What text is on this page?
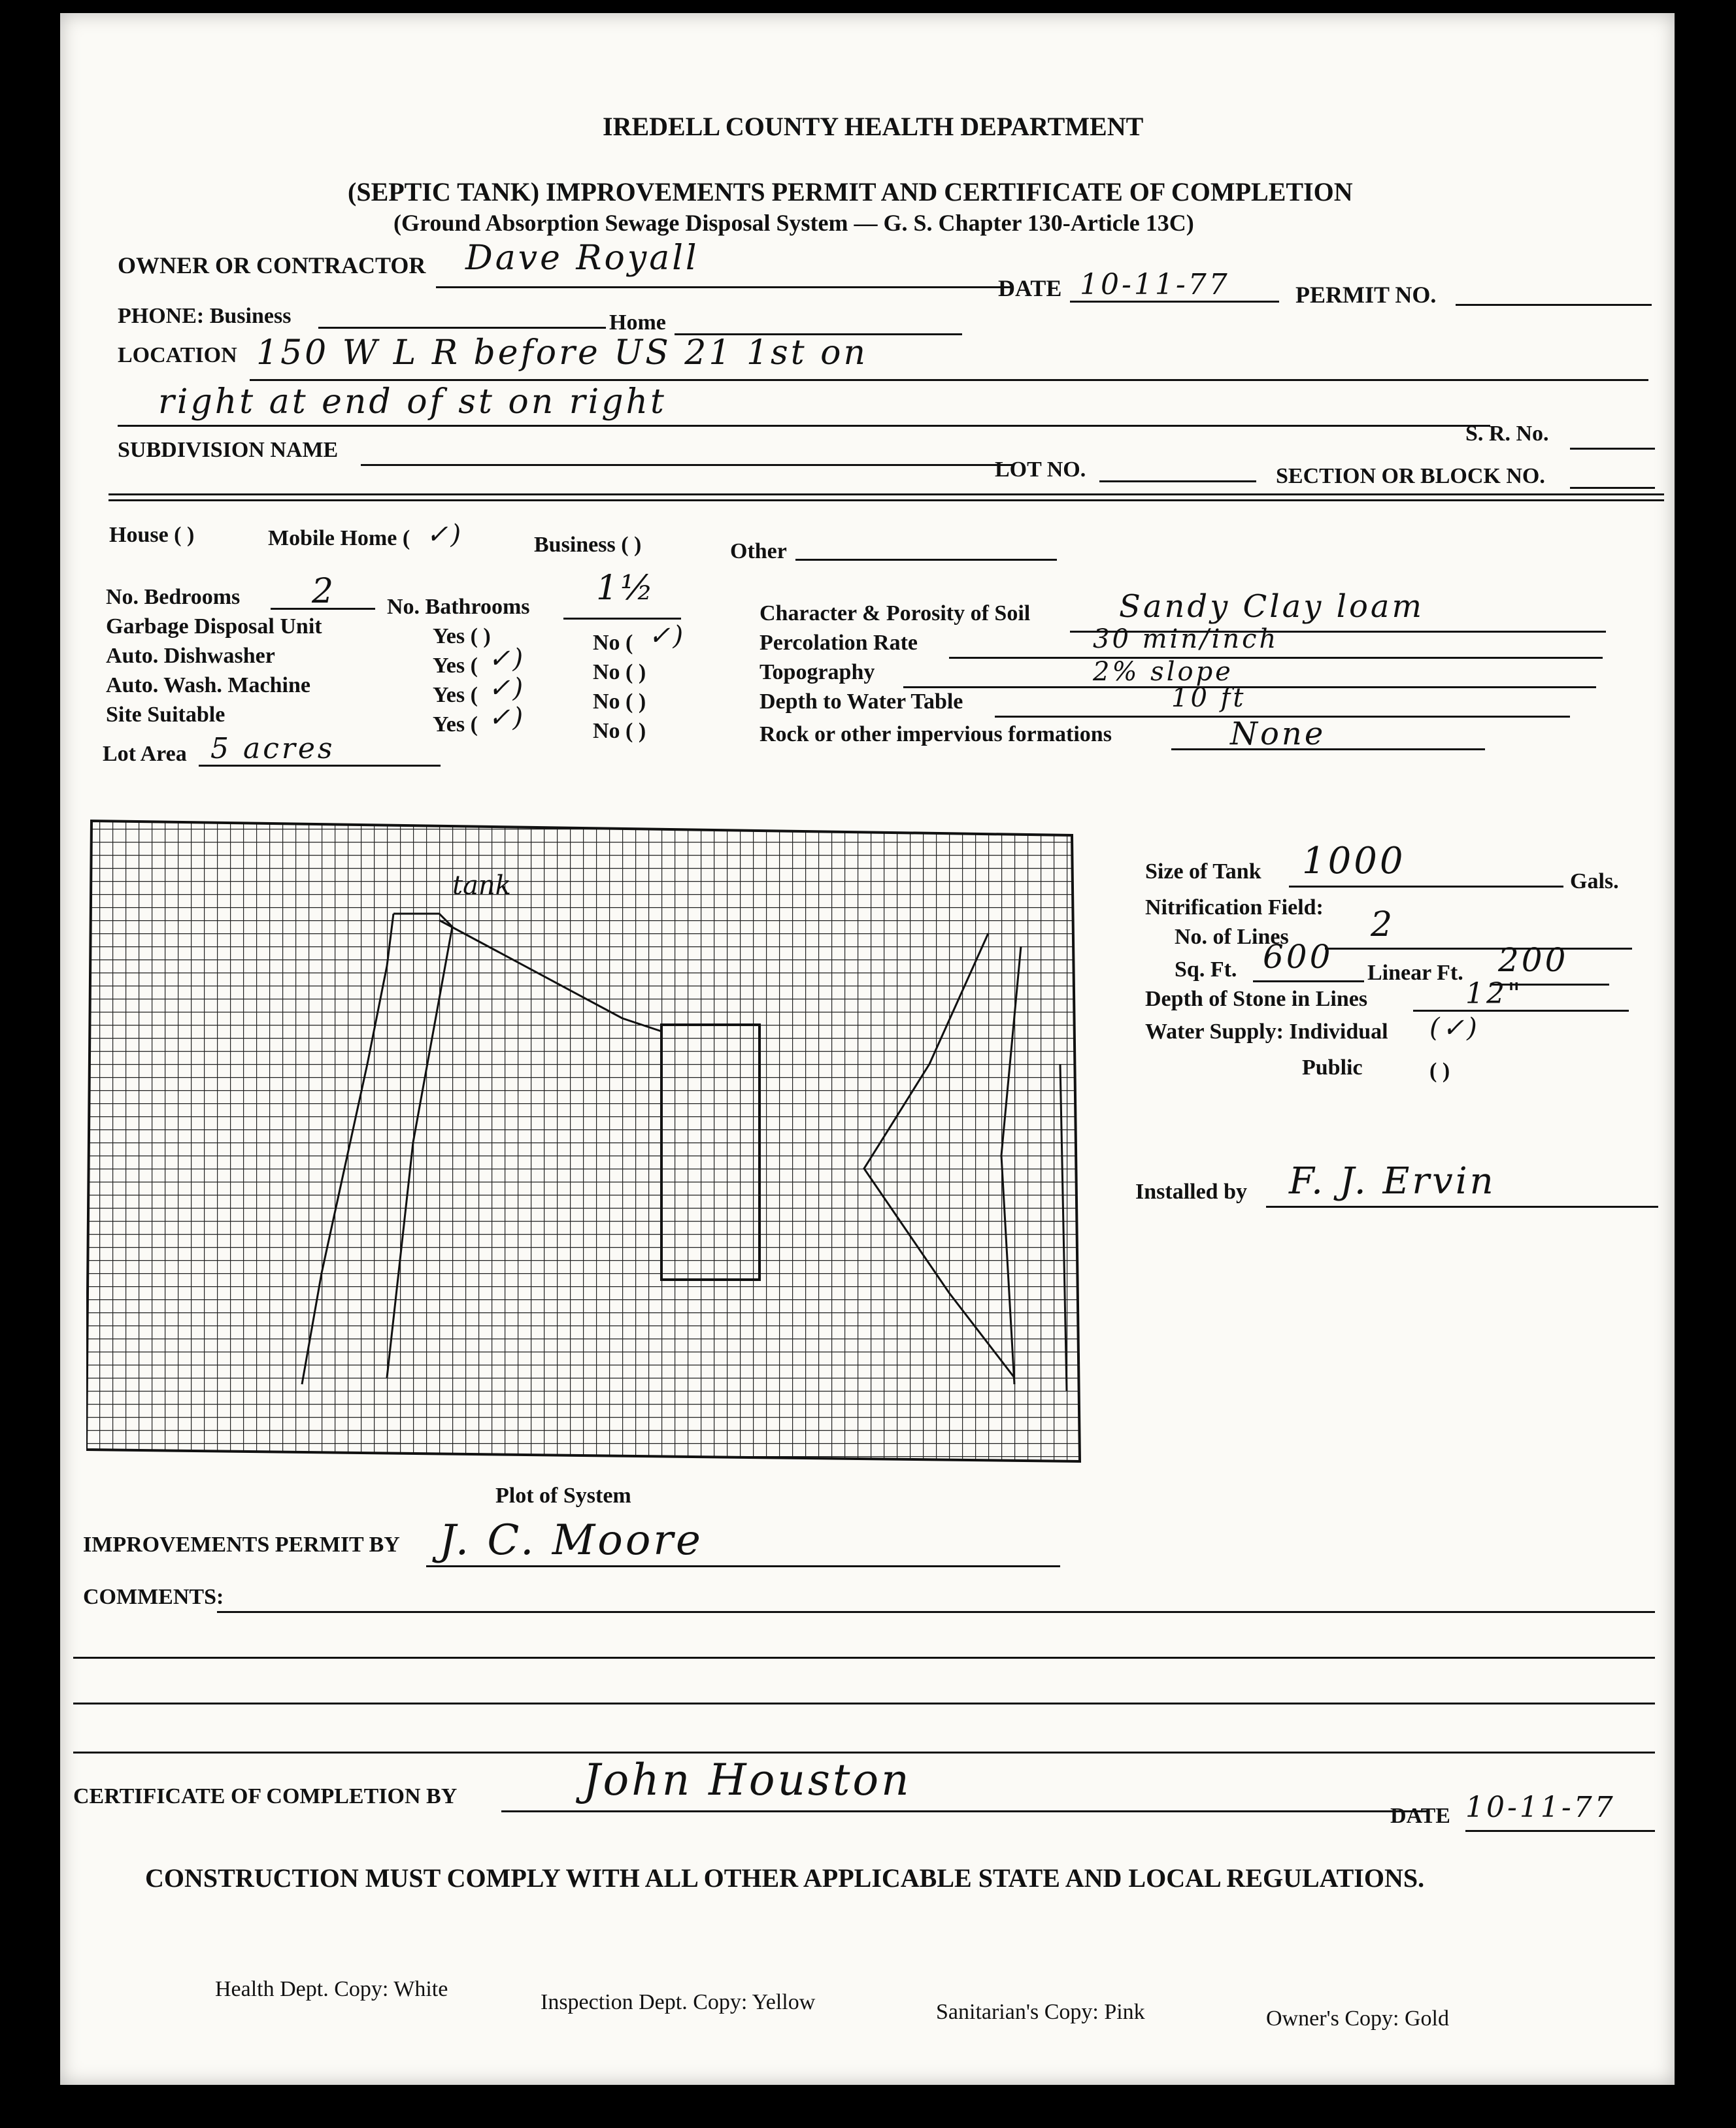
IREDELL COUNTY HEALTH DEPARTMENT
(SEPTIC TANK) IMPROVEMENTS PERMIT AND CERTIFICATE OF COMPLETION
(Ground Absorption Sewage Disposal System — G. S. Chapter 130-Article 13C)
OWNER OR CONTRACTOR Dave Royall
DATE 10-11-77	PERMIT NO.
PHONE: Business	Home
LOCATION 150 W L R before US 21 1st on
right at end of st on right
S. R. No.
SUBDIVISION NAME
LOT NO.	SECTION OR BLOCK NO.
House ( )	Mobile Home ( ✓)	Business ( )	Other
No. Bedrooms 2 No. Bathrooms 1½
Garbage Disposal Unit	Yes ( )	No ( ✓)
Auto. Dishwasher	Yes ( ✓)	No ( )
Auto. Wash. Machine	Yes ( ✓)	No ( )
Site Suitable	Yes ( ✓)	No ( )
Lot Area 5 acres
Character & Porosity of Soil	Sandy Clay loam
Percolation Rate	30 min/inch
Topography	2% slope
Depth to Water Table	10 ft
Rock or other impervious formations	None
tank
Plot of System
Size of Tank 1000	Gals.
Nitrification Field:
No. of Lines 2
Sq. Ft. 600 Linear Ft. 200
Depth of Stone in Lines	12"
Water Supply: Individual (✓)
Public	( )
Installed by F. J. Ervin
IMPROVEMENTS PERMIT BY J. C. Moore
COMMENTS:
CERTIFICATE OF COMPLETION BY	John Houston
DATE 10-11-77
CONSTRUCTION MUST COMPLY WITH ALL OTHER APPLICABLE STATE AND LOCAL REGULATIONS.
Health Dept. Copy: White
Inspection Dept. Copy: Yellow	Sanitarian's Copy: Pink	Owner's Copy: Gold
